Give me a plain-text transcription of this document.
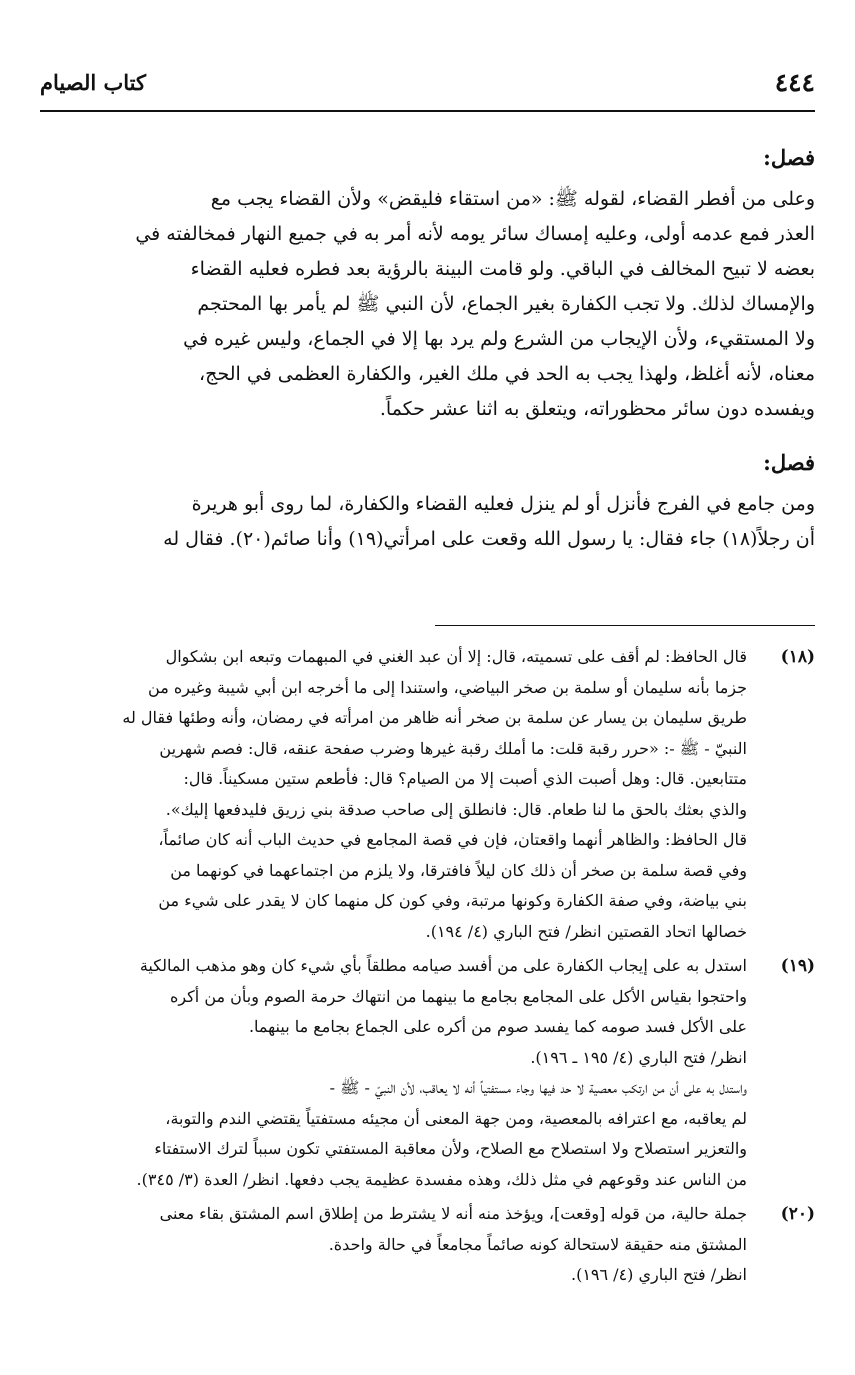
٤٤٤
كتاب الصيام
فصل:

وعلى من أفطر القضاء، لقوله ﷺ: «من استقاء فليقض» ولأن القضاء يجب مع
العذر فمع عدمه أولى، وعليه إمساك سائر يومه لأنه أمر به في جميع النهار فمخالفته في
بعضه لا تبيح المخالف في الباقي. ولو قامت البينة بالرؤية بعد فطره فعليه القضاء
والإمساك لذلك. ولا تجب الكفارة بغير الجماع، لأن النبي ﷺ لم يأمر بها المحتجم
ولا المستقيء، ولأن الإيجاب من الشرع ولم يرد بها إلا في الجماع، وليس غيره في
معناه، لأنه أغلظ، ولهذا يجب به الحد في ملك الغير، والكفارة العظمى في الحج،
ويفسده دون سائر محظوراته، ويتعلق به اثنا عشر حكماً.

فصل:

ومن جامع في الفرج فأنزل أو لم ينزل فعليه القضاء والكفارة، لما روى أبو هريرة
أن رجلاً(١٨) جاء فقال: يا رسول الله وقعت على امرأتي(١٩) وأنا صائم(٢٠). فقال له

(١٨)
قال الحافظ: لم أقف على تسميته، قال: إلا أن عبد الغني في المبهمات وتبعه ابن بشكوال
جزما بأنه سليمان أو سلمة بن صخر البياضي، واستندا إلى ما أخرجه ابن أبي شيبة وغيره من
طريق سليمان بن يسار عن سلمة بن صخر أنه ظاهر من امرأته في رمضان، وأنه وطئها فقال له
النبيّ - ﷺ -: «حرر رقبة قلت: ما أملك رقبة غيرها وضرب صفحة عنقه، قال: فصم شهرين
متتابعين. قال: وهل أصبت الذي أصبت إلا من الصيام؟ قال: فأطعم ستين مسكيناً. قال:
والذي بعثك بالحق ما لنا طعام. قال: فانطلق إلى صاحب صدقة بني زريق فليدفعها إليك».
قال الحافظ: والظاهر أنهما واقعتان، فإن في قصة المجامع في حديث الباب أنه كان صائماً،
وفي قصة سلمة بن صخر أن ذلك كان ليلاً فافترقا، ولا يلزم من اجتماعهما في كونهما من
بني بياضة، وفي صفة الكفارة وكونها مرتبة، وفي كون كل منهما كان لا يقدر على شيء من
خصالها اتحاد القصتين انظر/ فتح الباري (٤/ ١٩٤).
(١٩)
استدل به على إيجاب الكفارة على من أفسد صيامه مطلقاً بأي شيء كان وهو مذهب المالكية
واحتجوا بقياس الأكل على المجامع بجامع ما بينهما من انتهاك حرمة الصوم وبأن من أكره
على الأكل فسد صومه كما يفسد صوم من أكره على الجماع بجامع ما بينهما.
انظر/ فتح الباري (٤/ ١٩٥ ـ ١٩٦).
واستدل به على أن من ارتكب معصية لا حد فيها وجاء مستفتياً أنه لا يعاقب، لأن النبيّ - ﷺ -
لم يعاقبه، مع اعترافه بالمعصية، ومن جهة المعنى أن مجيئه مستفتياً يقتضي الندم والتوبة،
والتعزير استصلاح ولا استصلاح مع الصلاح، ولأن معاقبة المستفتي تكون سبباً لترك الاستفتاء
من الناس عند وقوعهم في مثل ذلك، وهذه مفسدة عظيمة يجب دفعها. انظر/ العدة (٣/ ٣٤٥).
(٢٠)
جملة حالية، من قوله [وقعت]، ويؤخذ منه أنه لا يشترط من إطلاق اسم المشتق بقاء معنى
المشتق منه حقيقة لاستحالة كونه صائماً مجامعاً في حالة واحدة.
انظر/ فتح الباري (٤/ ١٩٦).
